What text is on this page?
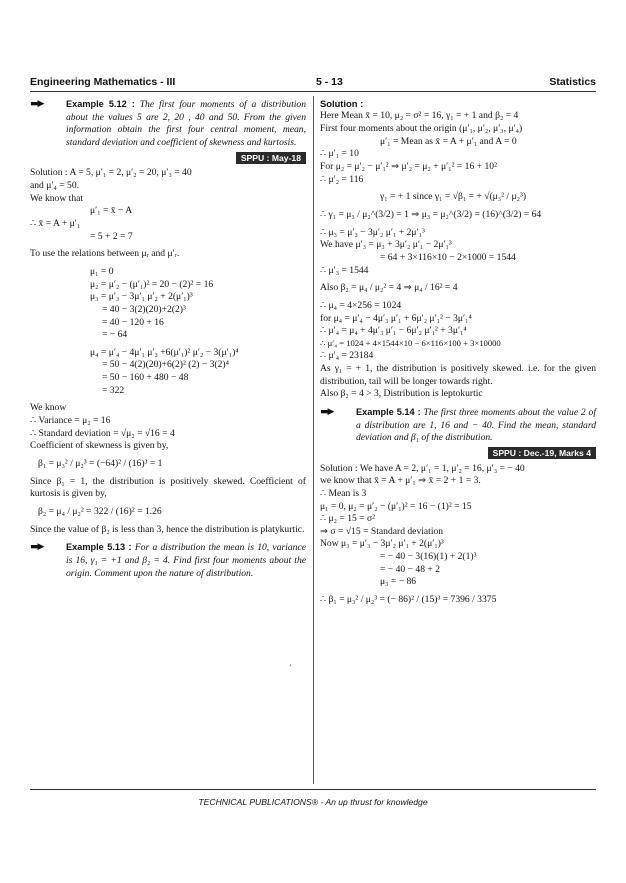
Engineering Mathematics - III	5 - 13	Statistics
▬▶ Example 5.12 : The first four moments of a distribution about the values 5 are 2, 20 , 40 and 50. From the given information obtain the first four central moment, mean, standard deviation and coefficient of skewness and kurtosis.
SPPU : May-18
Solution : A = 5, μ′₁ = 2, μ′₂ = 20, μ′₃ = 40
and μ′₄ = 50.
We know that
μ′₁ = x̄ − A
∴ x̄ = A + μ′₁
= 5 + 2 = 7
To use the relations between μᵣ and μ′ᵣ.
μ₁ = 0
μ₂ = μ′₂ − (μ′₁)² = 20 − (2)² = 16
μ₃ = μ′₃ − 3μ′₁ μ′₂ + 2(μ′₁)³
= 40 − 3(2)(20)+2(2)³
= 40 − 120 + 16
= − 64
μ₄ = μ′₄ − 4μ′₁ μ′₃ +6(μ′₁)² μ′₂ − 3(μ′₁)⁴
= 50 − 4(2)(20)+6(2)² (2) − 3(2)⁴
= 50 − 160 + 480 − 48
= 322
We know
∴ Variance = μ₂ = 16
∴ Standard deviation = √μ₂ = √16 = 4
Coefficient of skewness is given by,
β₁ = μ₃² / μ₂³ = (−64)² / (16)³ = 1
Since β₁ = 1, the distribution is positively skewed. Coefficient of kurtosis is given by,
β₂ = μ₄ / μ₂² = 322 / (16)² = 1.26
Since the value of β₂ is less than 3, hence the distribution is platykurtic.
▬▶ Example 5.13 : For a distribution the mean is 10, variance is 16, γ₁ = +1 and β₂ = 4. Find first four moments about the origin. Comment upon the nature of distribution.
Solution :
Here Mean x̄ = 10, μ₂ = σ² = 16, γ₁ = + 1 and β₂ = 4
First four moments about the origin (μ′₁, μ′₂, μ′₃, μ′₄)
μ′₁ = Mean as x̄ = A + μ′₁ and A = 0
∴ μ′₁ = 10
For μ₂ = μ′₂ − μ′₁² ⇒ μ′₂ = μ₂ + μ′₁² = 16 + 10²
∴ μ′₂ = 116
γ₁ = + 1 since γ₁ = √β₁ = + √(μ₃² / μ₂³)
∴ γ₁ = μ₃ / μ₂^(3/2) = 1 ⇒ μ₃ = μ₂^(3/2) = (16)^(3/2) = 64
∴ μ₃ = μ′₃ − 3μ′₂ μ′₁ + 2μ′₁³
We have μ′₃ = μ₃ + 3μ′₂ μ′₁ − 2μ′₁³
= 64 + 3×116×10 − 2×1000 = 1544
∴ μ′₃ = 1544
Also β₂ = μ₄ / μ₂² = 4 ⇒ μ₄ / 16² = 4
∴ μ₄ = 4×256 = 1024
for μ₄ = μ′₄ − 4μ′₃ μ′₁ + 6μ′₂ μ′₁² − 3μ′₁⁴
∴ μ′₄ = μ₄ + 4μ′₃ μ′₁ − 6μ′₂ μ′₁² + 3μ′₁⁴
∴ μ′₄ = 1024 + 4×1544×10 − 6×116×100 + 3×10000
∴ μ′₄ = 23184
As γ₁ = + 1, the distribution is positively skewed. i.e. for the given distribution, tail will be longer towards right.
Also β₂ = 4 > 3, Distribution is leptokurtic
▬▶ Example 5.14 : The first three moments about the value 2 of a distribution are 1, 16 and − 40. Find the mean, standard deviation and β₁ of the distribution.
SPPU : Dec.-19, Marks 4
Solution : We have A = 2, μ′₁ = 1, μ′₂ = 16, μ′₃ = − 40
we know that x̄ = A + μ′₁ ⇒ x̄ = 2 + 1 = 3.
∴ Mean is 3
μ₁ = 0, μ₂ = μ′₂ − (μ′₁)² = 16 − (1)² = 15
∴ μ₂ = 15 = σ²
⇒ σ = √15 = Standard deviation
Now μ₃ = μ′₃ − 3μ′₂ μ′₁ + 2(μ′₁)³
= − 40 − 3(16)(1) + 2(1)³
= − 40 − 48 + 2
μ₃ = − 86
∴ β₁ = μ₃² / μ₂³ = (− 86)² / (15)³ = 7396 / 3375
'
TECHNICAL PUBLICATIONS® - An up thrust for knowledge
